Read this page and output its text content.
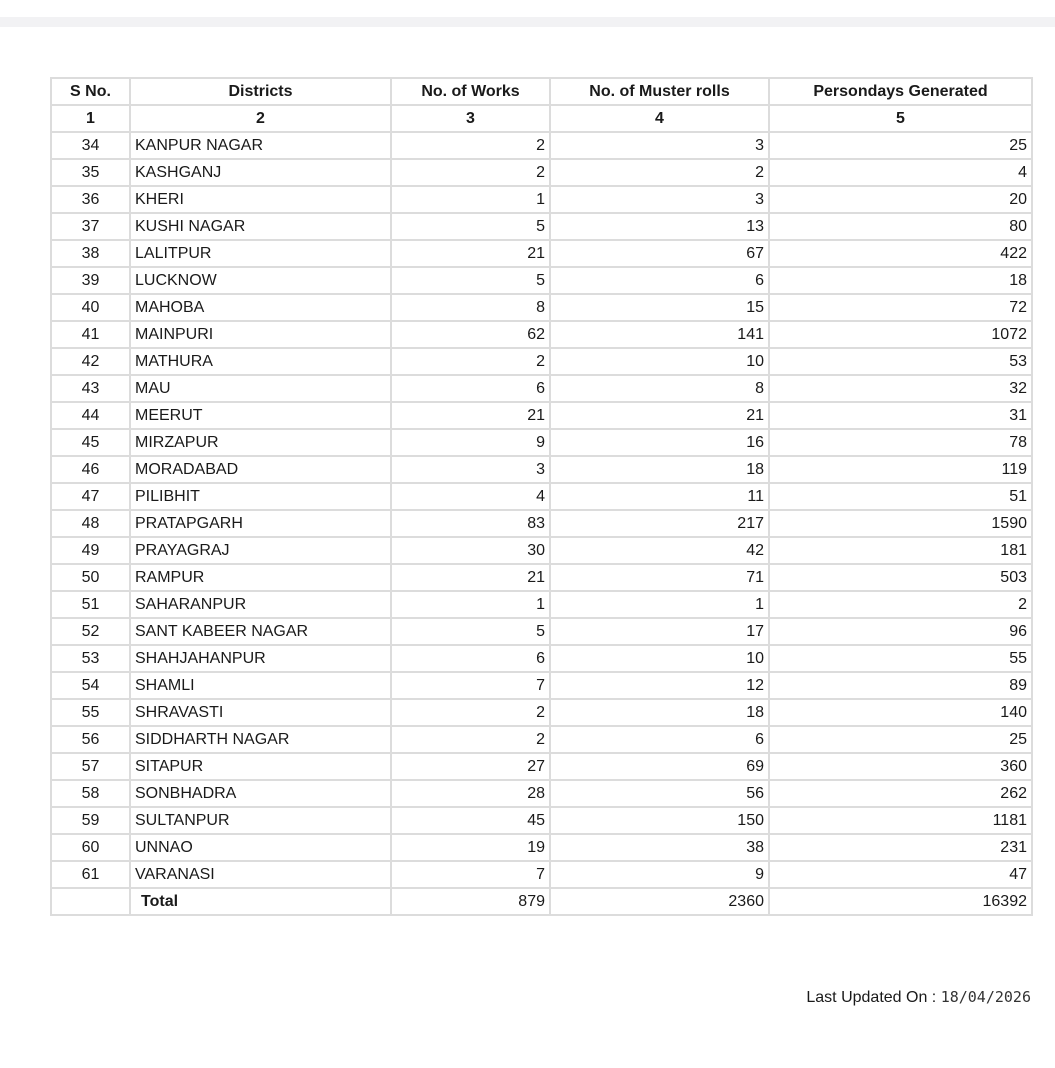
S No.	Districts	No. of Works	No. of Muster rolls	Persondays Generated
1	2	3	4	5
34	KANPUR NAGAR	2	3	25
35	KASHGANJ	2	2	4
36	KHERI	1	3	20
37	KUSHI NAGAR	5	13	80
38	LALITPUR	21	67	422
39	LUCKNOW	5	6	18
40	MAHOBA	8	15	72
41	MAINPURI	62	141	1072
42	MATHURA	2	10	53
43	MAU	6	8	32
44	MEERUT	21	21	31
45	MIRZAPUR	9	16	78
46	MORADABAD	3	18	119
47	PILIBHIT	4	11	51
48	PRATAPGARH	83	217	1590
49	PRAYAGRAJ	30	42	181
50	RAMPUR	21	71	503
51	SAHARANPUR	1	1	2
52	SANT KABEER NAGAR	5	17	96
53	SHAHJAHANPUR	6	10	55
54	SHAMLI	7	12	89
55	SHRAVASTI	2	18	140
56	SIDDHARTH NAGAR	2	6	25
57	SITAPUR	27	69	360
58	SONBHADRA	28	56	262
59	SULTANPUR	45	150	1181
60	UNNAO	19	38	231
61	VARANASI	7	9	47
	Total	879	2360	16392
Last Updated On : 18/04/2026
